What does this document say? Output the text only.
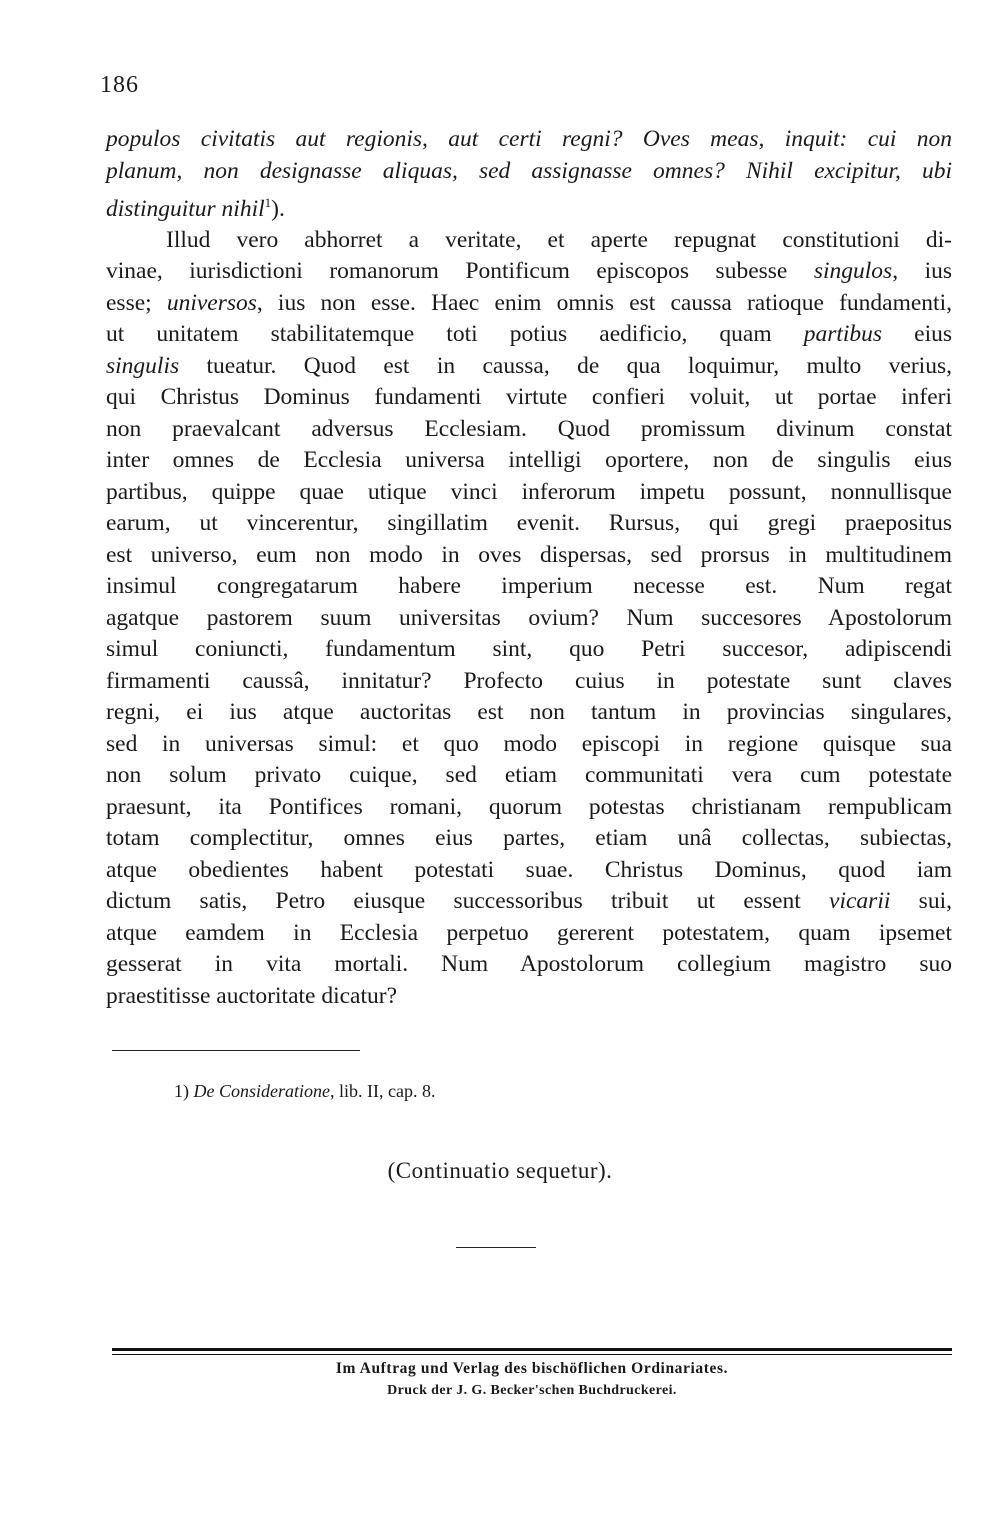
186
populos civitatis aut regionis, aut certi regni? Oves meas, inquit: cui non
planum, non designasse aliquas, sed assignasse omnes? Nihil excipitur, ubi
distinguitur nihil$^1$).
Illud vero abhorret a veritate, et aperte repugnat constitutioni di-
vinae, iurisdictioni romanorum Pontificum episcopos subesse singulos, ius
esse; universos, ius non esse. Haec enim omnis est caussa ratioque fundamenti,
ut unitatem stabilitatemque toti potius aedificio, quam partibus eius
singulis tueatur. Quod est in caussa, de qua loquimur, multo verius,
qui Christus Dominus fundamenti virtute confieri voluit, ut portae inferi
non praevalcant adversus Ecclesiam. Quod promissum divinum constat
inter omnes de Ecclesia universa intelligi oportere, non de singulis eius
partibus, quippe quae utique vinci inferorum impetu possunt, nonnullisque
earum, ut vincerentur, singillatim evenit. Rursus, qui gregi praepositus
est universo, eum non modo in oves dispersas, sed prorsus in multitudinem
insimul congregatarum habere imperium necesse est. Num regat
agatque pastorem suum universitas ovium? Num succesores Apostolorum
simul coniuncti, fundamentum sint, quo Petri succesor, adipiscendi
firmamenti caussâ, innitatur? Profecto cuius in potestate sunt claves
regni, ei ius atque auctoritas est non tantum in provincias singulares,
sed in universas simul: et quo modo episcopi in regione quisque sua
non solum privato cuique, sed etiam communitati vera cum potestate
praesunt, ita Pontifices romani, quorum potestas christianam rempublicam
totam complectitur, omnes eius partes, etiam unâ collectas, subiectas,
atque obedientes habent potestati suae. Christus Dominus, quod iam
dictum satis, Petro eiusque successoribus tribuit ut essent vicarii sui,
atque eamdem in Ecclesia perpetuo gererent potestatem, quam ipsemet
gesserat in vita mortali. Num Apostolorum collegium magistro suo
praestitisse auctoritate dicatur?
1) De Consideratione, lib. II, cap. 8.
(Continuatio sequetur).
Im Auftrag und Verlag des bischöflichen Ordinariates.
Druck der J. G. Becker'schen Buchdruckerei.
